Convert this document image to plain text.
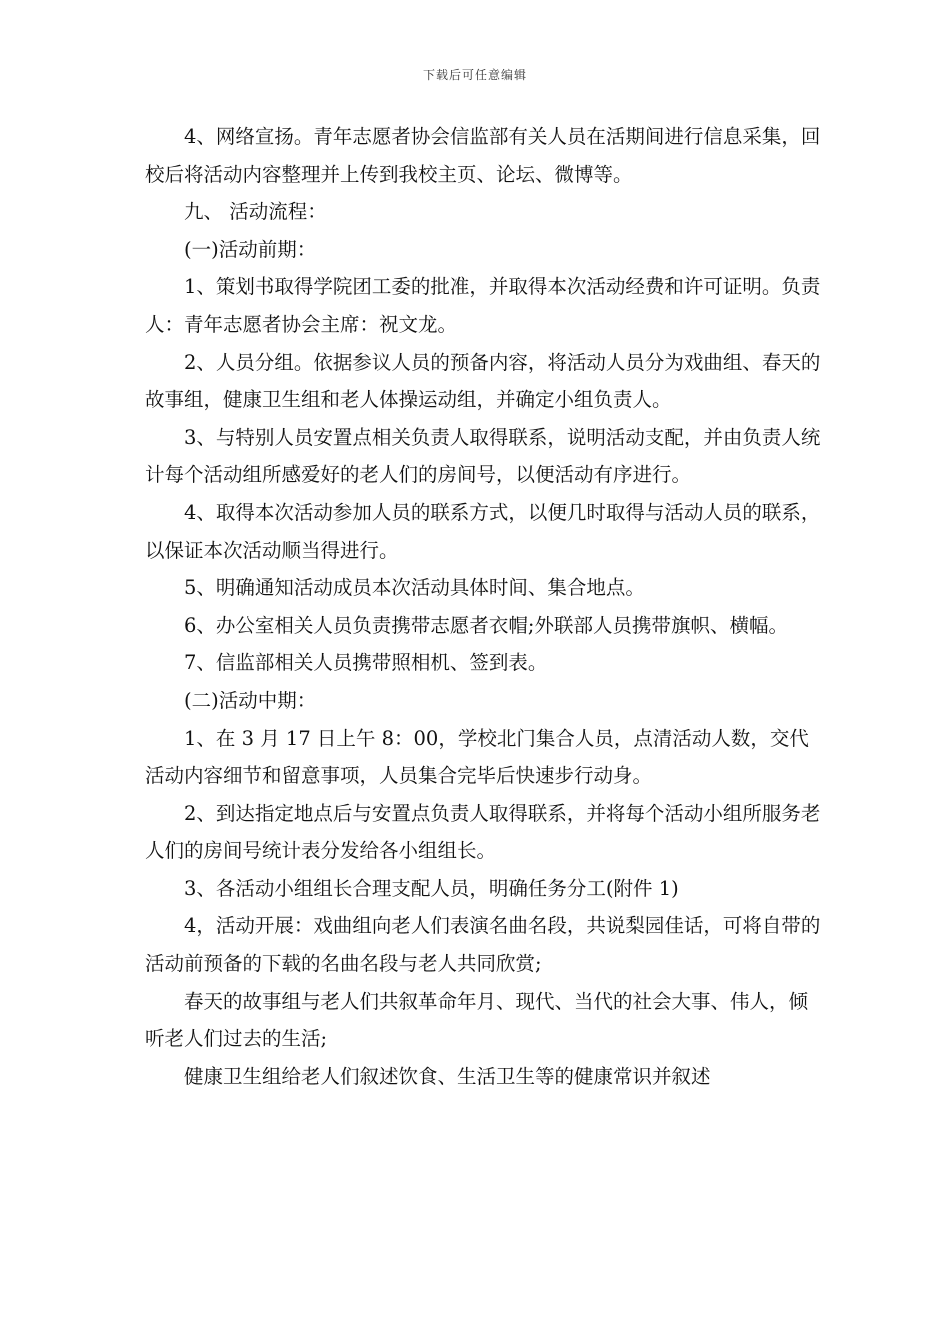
下载后可任意编辑

4、网络宣扬。青年志愿者协会信监部有关人员在活期间进行信息采集，回校后将活动内容整理并上传到我校主页、论坛、微博等。

九、 活动流程：

(一)活动前期：

1、策划书取得学院团工委的批准，并取得本次活动经费和许可证明。负责人：青年志愿者协会主席：祝文龙。

2、人员分组。依据参议人员的预备内容，将活动人员分为戏曲组、春天的故事组，健康卫生组和老人体操运动组，并确定小组负责人。

3、与特别人员安置点相关负责人取得联系，说明活动支配，并由负责人统计每个活动组所感爱好的老人们的房间号，以便活动有序进行。

4、取得本次活动参加人员的联系方式，以便几时取得与活动人员的联系，以保证本次活动顺当得进行。

5、明确通知活动成员本次活动具体时间、集合地点。

6、办公室相关人员负责携带志愿者衣帽;外联部人员携带旗帜、横幅。

7、信监部相关人员携带照相机、签到表。

(二)活动中期：

1、在 3 月 17 日上午 8：00，学校北门集合人员，点清活动人数，交代活动内容细节和留意事项，人员集合完毕后快速步行动身。

2、到达指定地点后与安置点负责人取得联系，并将每个活动小组所服务老人们的房间号统计表分发给各小组组长。

3、各活动小组组长合理支配人员，明确任务分工(附件 1)

4，活动开展：戏曲组向老人们表演名曲名段，共说梨园佳话，可将自带的活动前预备的下载的名曲名段与老人共同欣赏;

春天的故事组与老人们共叙革命年月、现代、当代的社会大事、伟人，倾听老人们过去的生活;

健康卫生组给老人们叙述饮食、生活卫生等的健康常识并叙述
